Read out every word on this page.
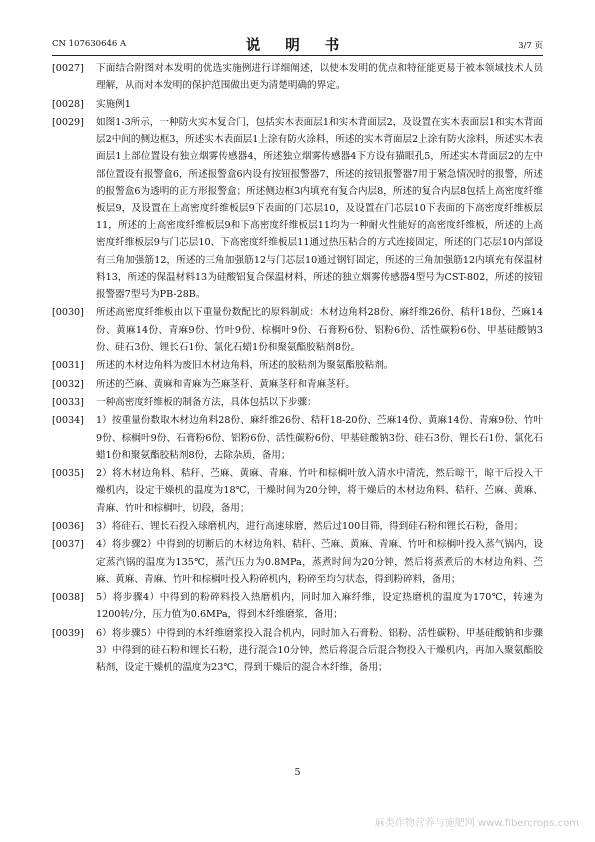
CN 107630646 A	说 明 书	3/7 页
[0027]	下面结合附图对本发明的优选实施例进行详细阐述，以使本发明的优点和特征能更易于被本领域技术人员理解，从而对本发明的保护范围做出更为清楚明确的界定。
[0028]	实施例1
[0029]	如图1-3所示，一种防火实木复合门，包括实木表面层1和实木背面层2，及设置在实木表面层1和实木背面层2中间的侧边框3，所述实木表面层1上涂有防火涂料，所述的实木背面层2上涂有防火涂料，所述实木表面层1上部位置设有独立烟雾传感器4，所述独立烟雾传感器4下方设有猫眼孔5，所述实木背面层2的左中部位置设有报警盒6，所述报警盒6内设有按钮报警器7，所述的按钮报警器7用于紧急情况时的报警，所述的报警盒6为透明的正方形报警盒；所述侧边框3内填充有复合内层8，所述的复合内层8包括上高密度纤维板层9，及设置在上高密度纤维板层9下表面的门芯层10，及设置在门芯层10下表面的下高密度纤维板层11，所述的上高密度纤维板层9和下高密度纤维板层11均为一种耐火性能好的高密度纤维板，所述的上高密度纤维板层9与门芯层10、下高密度纤维板层11通过热压粘合的方式连接固定，所述的门芯层10内部设有三角加强筋12，所述的三角加强筋12与门芯层10通过钢钉固定，所述的三角加强筋12内填充有保温材料13，所述的保温材料13为硅酸铝复合保温材料，所述的独立烟雾传感器4型号为CST-802，所述的按钮报警器7型号为PB-28B。
[0030]	所述高密度纤维板由以下重量份数配比的原料制成：木材边角料28份、麻纤维26份、秸秆18份、苎麻14份、黄麻14份、青麻9份、竹叶9份、棕榈叶9份、石膏粉6份、铝粉6份、活性碳粉6份、甲基硅酸钠3份、硅石3份、锂长石1份、氯化石蜡1份和聚氨酯胶粘剂8份。
[0031]	所述的木材边角料为废旧木材边角料，所述的胶粘剂为聚氨酯胶粘剂。
[0032]	所述的苎麻、黄麻和青麻为苎麻茎秆、黄麻茎秆和青麻茎秆。
[0033]	一种高密度纤维板的制备方法，具体包括以下步骤：
[0034]	1）按重量份数取木材边角料28份、麻纤维26份、秸秆18-20份、苎麻14份、黄麻14份、青麻9份、竹叶9份、棕榈叶9份、石膏粉6份、铝粉6份、活性碳粉6份、甲基硅酸钠3份、硅石3份、锂长石1份、氯化石蜡1份和聚氨酯胶粘剂8份，去除杂质，备用；
[0035]	2）将木材边角料、秸秆、苎麻、黄麻、青麻、竹叶和棕榈叶放入清水中清洗，然后晾干，晾干后投入干燥机内，设定干燥机的温度为18℃，干燥时间为20分钟，将干燥后的木材边角料、秸秆、苎麻、黄麻、青麻、竹叶和棕榈叶，切段，备用；
[0036]	3）将硅石、锂长石投入球磨机内，进行高速球磨，然后过100目筛，得到硅石粉和锂长石粉，备用；
[0037]	4）将步骤2）中得到的切断后的木材边角料、秸秆、苎麻、黄麻、青麻、竹叶和棕榈叶投入蒸气锅内，设定蒸汽锅的温度为135℃，蒸汽压力为0.8MPa，蒸煮时间为20分钟，然后将蒸煮后的木材边角料、苎麻、黄麻、青麻、竹叶和棕榈叶投入粉碎机内，粉碎至均匀状态，得到粉碎料，备用；
[0038]	5）将步骤4）中得到的粉碎料投入热磨机内，同时加入麻纤维，设定热磨机的温度为170℃，转速为1200转/分，压力值为0.6MPa，得到木纤维磨浆，备用；
[0039]	6）将步骤5）中得到的木纤维磨浆投入混合机内，同时加入石膏粉、铝粉、活性碳粉、甲基硅酸钠和步骤3）中得到的硅石粉和锂长石粉，进行混合10分钟，然后将混合后混合物投入干燥机内，再加入聚氨酯胶粘剂，设定干燥机的温度为23℃，得到干燥后的混合木纤维，备用；
5
麻类作物营养与施肥网 www.fibercrops.com
